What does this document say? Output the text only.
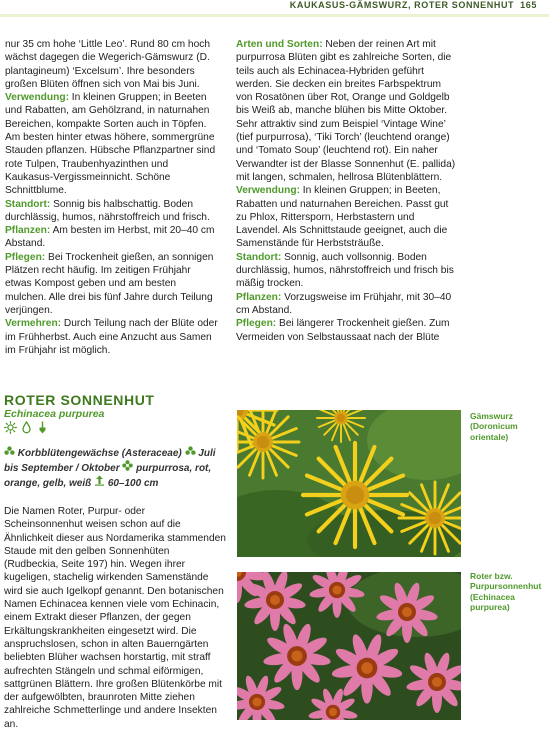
KAUKASUS-GÄMSWURZ, ROTER SONNENHUT 165

nur 35 cm hohe ‘Little Leo’. Rund 80 cm hoch wächst dagegen die Wegerich-Gämswurz (D. plantagineum) ‘Excelsum’. Ihre besonders großen Blüten öffnen sich von Mai bis Juni.

Verwendung: In kleinen Gruppen; in Beeten und Rabatten, am Gehölzrand, in naturnahen Bereichen, kompakte Sorten auch in Töpfen. Am besten hinter etwas höhere, sommergrüne Stauden pflanzen. Hübsche Pflanzpartner sind rote Tulpen, Traubenhyazinthen und Kaukasus-Vergissmeinnicht. Schöne Schnittblume.

Standort: Sonnig bis halbschattig. Boden durchlässig, humos, nährstoffreich und frisch.

Pflanzen: Am besten im Herbst, mit 20–40 cm Abstand.

Pflegen: Bei Trockenheit gießen, an sonnigen Plätzen recht häufig. Im zeitigen Frühjahr etwas Kompost geben und am besten mulchen. Alle drei bis fünf Jahre durch Teilung verjüngen.

Vermehren: Durch Teilung nach der Blüte oder im Frühherbst. Auch eine Anzucht aus Samen im Frühjahr ist möglich.

Arten und Sorten: Neben der reinen Art mit purpurrosa Blüten gibt es zahlreiche Sorten, die teils auch als Echinacea-Hybriden geführt werden. Sie decken ein breites Farbspektrum von Rosatönen über Rot, Orange und Goldgelb bis Weiß ab, manche blühen bis Mitte Oktober. Sehr attraktiv sind zum Beispiel ‘Vintage Wine’ (tief purpurrosa), ‘Tiki Torch’ (leuchtend orange) und ‘Tomato Soup’ (leuchtend rot). Ein naher Verwandter ist der Blasse Sonnenhut (E. pallida) mit langen, schmalen, hellrosa Blütenblättern.

Verwendung: In kleinen Gruppen; in Beeten, Rabatten und naturnahen Bereichen. Passt gut zu Phlox, Rittersporn, Herbstastern und Lavendel. Als Schnittstaude geeignet, auch die Samenstände für Herbststräuße.

Standort: Sonnig, auch vollsonnig. Boden durchlässig, humos, nährstoffreich und frisch bis mäßig trocken.

Pflanzen: Vorzugsweise im Frühjahr, mit 30–40 cm Abstand.

Pflegen: Bei längerer Trockenheit gießen. Zum Vermeiden von Selbstaussaat nach der Blüte

ROTER SONNENHUT
Echinacea purpurea
Korbblütengewächse (Asteraceae) Juli bis September / Oktober purpurrosa, rot, orange, gelb, weiß 60–100 cm
Die Namen Roter, Purpur- oder Scheinsonnenhut weisen schon auf die Ähnlichkeit dieser aus Nordamerika stammenden Staude mit den gelben Sonnenhüten (Rudbeckia, Seite 197) hin. Wegen ihrer kugeligen, stachelig wirkenden Samenstände wird sie auch Igelkopf genannt. Den botanischen Namen Echinacea kennen viele vom Echinacin, einem Extrakt dieser Pflanzen, der gegen Erkältungskrankheiten eingesetzt wird. Die anspruchslosen, schon in alten Bauerngärten beliebten Blüher wachsen horstartig, mit straff aufrechten Stängeln und schmal eiförmigen, sattgrünen Blättern. Ihre großen Blütenkörbe mit der aufgewölbten, braunroten Mitte ziehen zahlreiche Schmetterlinge und andere Insekten an.
Gämswurz (Doronicum orientale)
Roter bzw. Purpursonnenhut (Echinacea purpurea)
